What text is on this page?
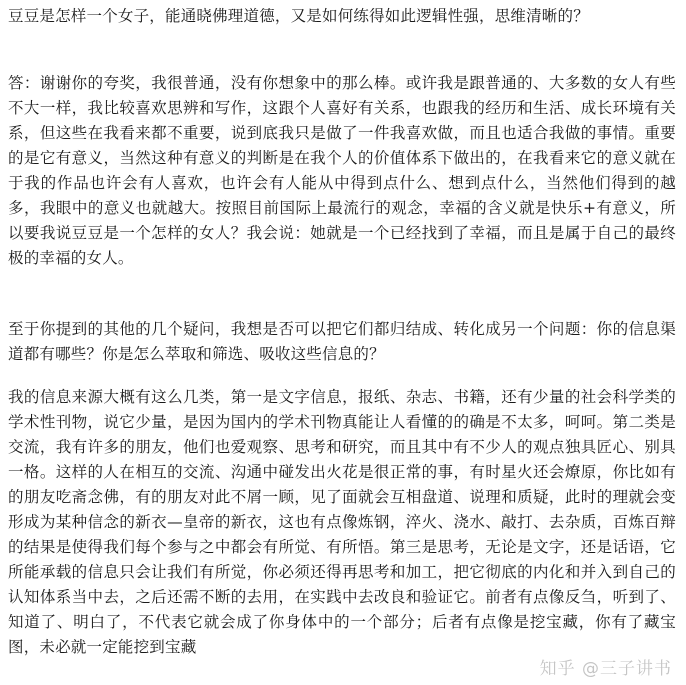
豆豆是怎样一个女子，能通晓佛理道德，又是如何练得如此逻辑性强，思维清晰的？

答：谢谢你的夸奖，我很普通，没有你想象中的那么棒。或许我是跟普通的、大多数的女人有些不大一样，我比较喜欢思辨和写作，这跟个人喜好有关系，也跟我的经历和生活、成长环境有关系，但这些在我看来都不重要，说到底我只是做了一件我喜欢做，而且也适合我做的事情。重要的是它有意义，当然这种有意义的判断是在我个人的价值体系下做出的，在我看来它的意义就在于我的作品也许会有人喜欢，也许会有人能从中得到点什么、想到点什么，当然他们得到的越多，我眼中的意义也就越大。按照目前国际上最流行的观念，幸福的含义就是快乐+有意义，所以要我说豆豆是一个怎样的女人？我会说：她就是一个已经找到了幸福，而且是属于自己的最终极的幸福的女人。

至于你提到的其他的几个疑问，我想是否可以把它们都归结成、转化成另一个问题：你的信息渠道都有哪些？你是怎么萃取和筛选、吸收这些信息的？

我的信息来源大概有这么几类，第一是文字信息，报纸、杂志、书籍，还有少量的社会科学类的学术性刊物，说它少量，是因为国内的学术刊物真能让人看懂的的确是不太多，呵呵。第二类是交流，我有许多的朋友，他们也爱观察、思考和研究，而且其中有不少人的观点独具匠心、别具一格。这样的人在相互的交流、沟通中碰发出火花是很正常的事，有时星火还会燎原，你比如有的朋友吃斋念佛，有的朋友对此不屑一顾，见了面就会互相盘道、说理和质疑，此时的理就会变形成为某种信念的新衣—皇帝的新衣，这也有点像炼钢，淬火、浇水、敲打、去杂质，百炼百辩的结果是使得我们每个参与之中都会有所觉、有所悟。第三是思考，无论是文字，还是话语，它所能承载的信息只会让我们有所觉，你必须还得再思考和加工，把它彻底的内化和并入到自己的认知体系当中去，之后还需不断的去用，在实践中去改良和验证它。前者有点像反刍，听到了、知道了、明白了，不代表它就会成了你身体中的一个部分；后者有点像是挖宝藏，你有了藏宝图，未必就一定能挖到宝藏

知乎 @三子讲书
